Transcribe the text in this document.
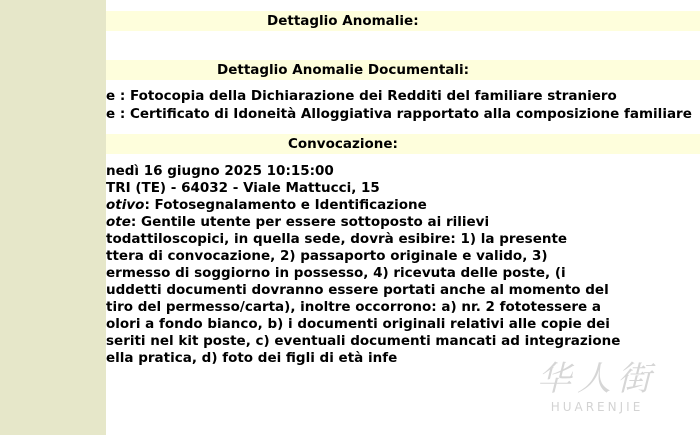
Dettaglio Anomalie:
Dettaglio Anomalie Documentali:
e : Fotocopia della Dichiarazione dei Redditi del familiare straniero
e : Certificato di Idoneità Alloggiativa rapportato alla composizione familiare
Convocazione:
nedì 16 giugno 2025 10:15:00
TRI (TE) - 64032 - Viale Mattucci, 15
otivo: Fotosegnalamento e Identificazione
ote: Gentile utente per essere sottoposto ai rilievi
todattiloscopici, in quella sede, dovrà esibire: 1) la presente
ttera di convocazione, 2) passaporto originale e valido, 3)
ermesso di soggiorno in possesso, 4) ricevuta delle poste, (i
uddetti documenti dovranno essere portati anche al momento del
tiro del permesso/carta), inoltre occorrono: a) nr. 2 fototessere a
olori a fondo bianco, b) i documenti originali relativi alle copie dei
seriti nel kit poste, c) eventuali documenti mancati ad integrazione
ella pratica, d) foto dei figli di età infe
华人街
HUARENJIE
